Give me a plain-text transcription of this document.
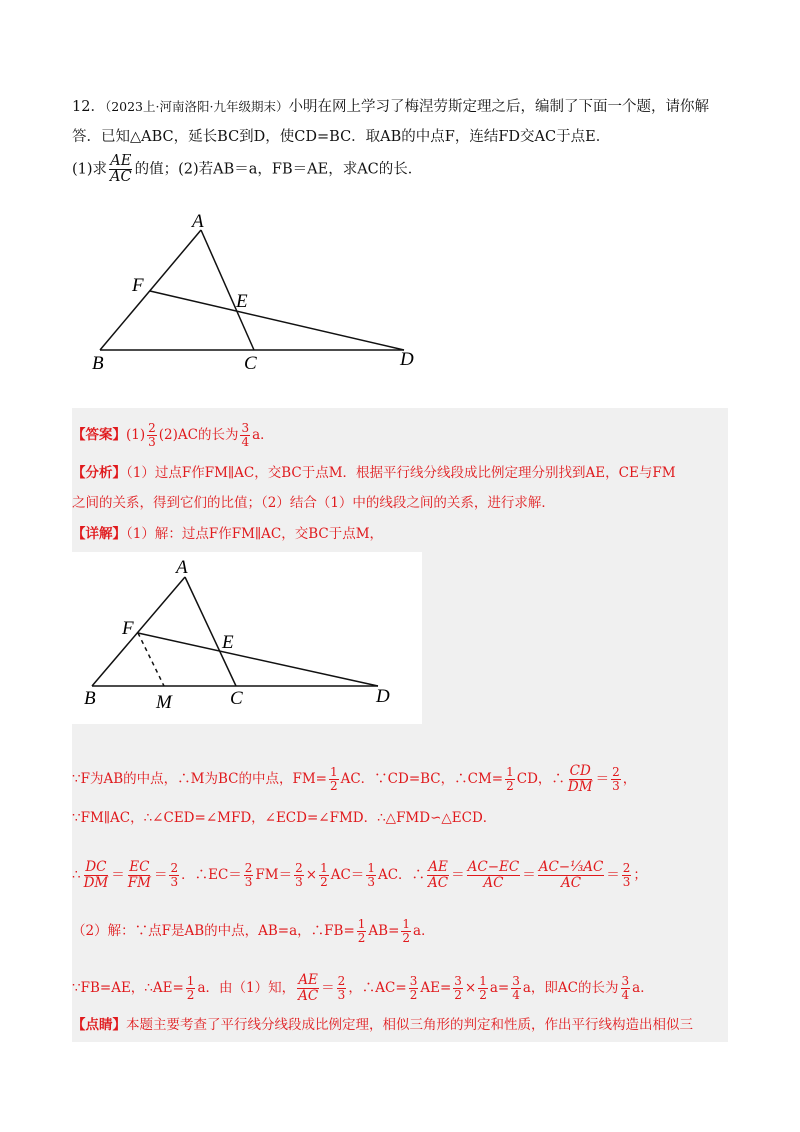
12．（2023上·河南洛阳·九年级期末）小明在网上学习了梅涅劳斯定理之后，编制了下面一个题，请你解
答．已知△ABC，延长BC到D，使CD=BC．取AB的中点F，连结FD交AC于点E．
(1)求 $\frac{AE}{AC}$ 的值；(2)若AB＝a，FB＝AE，求AC的长．
A
F
E
B	C	D
【答案】$(1) \frac{2}{3} (2)AC$的长为 $\frac{3}{4}$ a．
【分析】（1）过点F作FM∥AC，交BC于点M．根据平行线分线段成比例定理分别找到AE，CE与FM
之间的关系，得到它们的比值；（2）结合（1）中的线段之间的关系，进行求解．
【详解】（1）解：过点F作FM∥AC，交BC于点M，
A
F
E
B	M	C	D
∵F为AB的中点，∴M为BC的中点，$FM= \frac{1}{2}$ AC．∵CD=BC，∴CM= $\frac{1}{2}$ CD，∴ $\frac{CD}{DM} = \frac{2}{3}$ ，
∵FM∥AC，∴∠CED=∠MFD，∠ECD=∠FMD．∴△FMD∽△ECD．
∴ $\frac{DC}{DM} = \frac{EC}{FM} = \frac{2}{3}$ ．∴EC＝ $\frac{2}{3} FM= \frac{2}{3} \times \frac{1}{2} AC= \frac{1}{3}$ AC．∴ $\frac{AE}{AC} = \frac{AC-EC}{AC} = \frac{\text{AC−⅓AC}}{AC} = \frac{2}{3}$ ；
（2）解：∵点F是AB的中点，AB=a，∴FB= $\frac{1}{2} AB= \frac{1}{2}$ a．
∵FB=AE，∴AE= $\frac{1}{2}$ a．由（1）知， $\frac{AE}{AC} = \frac{2}{3}$ ，∴AC= $\frac{3}{2} AE= \frac{3}{2} \times \frac{1}{2} a= \frac{3}{4}$ a，即AC的长为 $\frac{3}{4}$ a．
【点睛】本题主要考查了平行线分线段成比例定理，相似三角形的判定和性质，作出平行线构造出相似三
